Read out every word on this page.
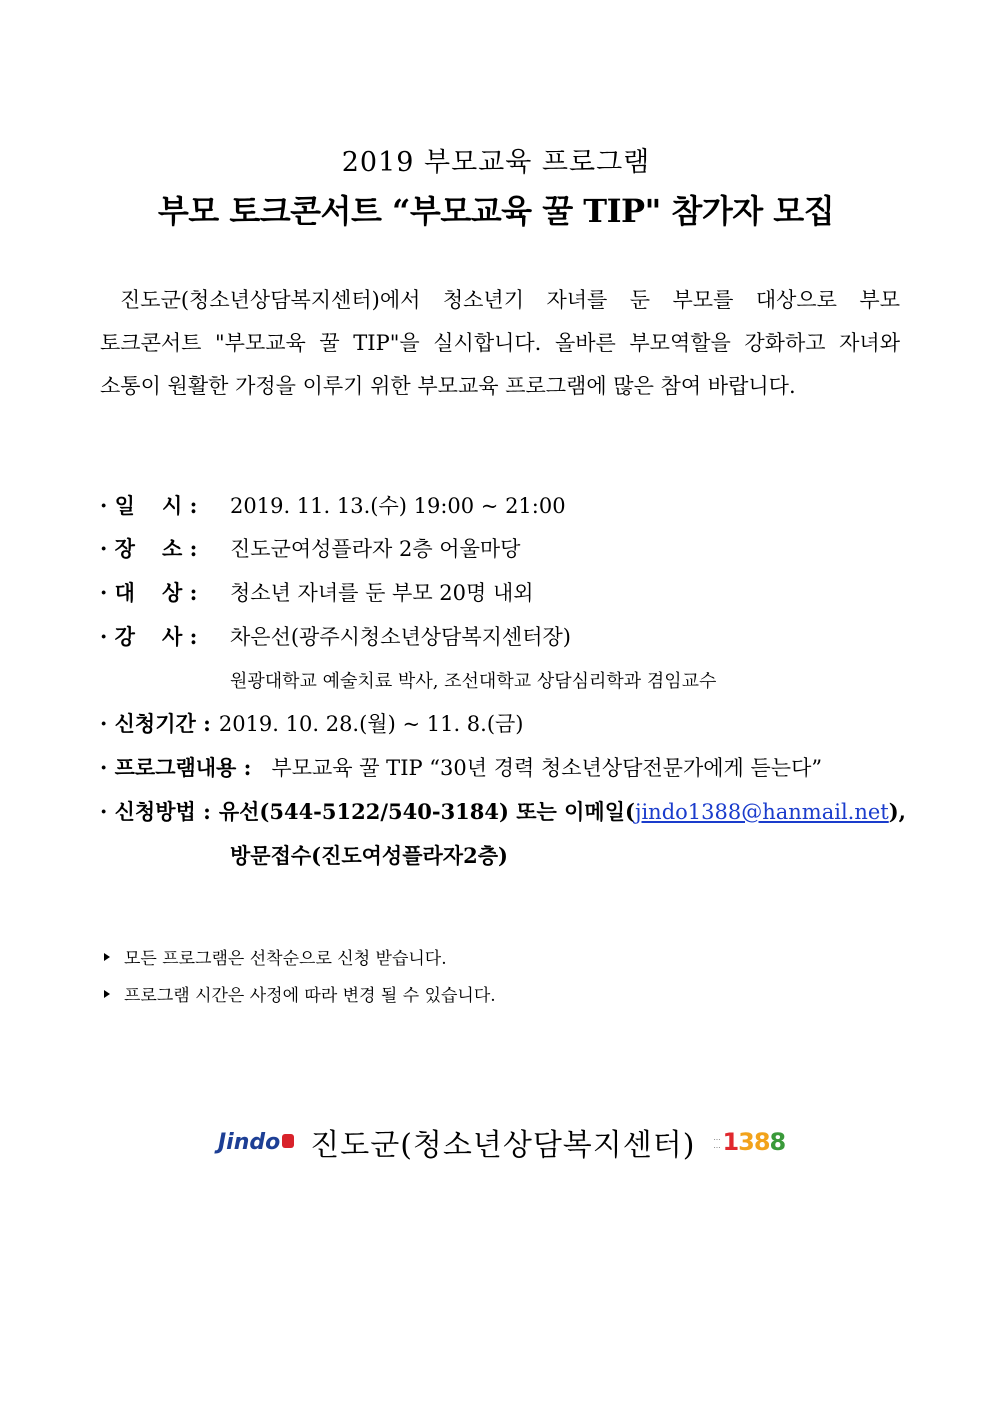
2019 부모교육 프로그램
부모 토크콘서트 “부모교육 꿀 TIP" 참가자 모집
진도군(청소년상담복지센터)에서 청소년기 자녀를 둔 부모를 대상으로 부모
토크콘서트 "부모교육 꿀 TIP"을 실시합니다. 올바른 부모역할을 강화하고 자녀와
소통이 원활한 가정을 이루기 위한 부모교육 프로그램에 많은 참여 바랍니다.
· 일 시 :	2019. 11. 13.(수) 19:00 ~ 21:00
· 장 소 :	진도군여성플라자 2층 어울마당
· 대 상 :	청소년 자녀를 둔 부모 20명 내외
· 강 사 :	차은선(광주시청소년상담복지센터장)
원광대학교 예술치료 박사, 조선대학교 상담심리학과 겸임교수
· 신청기간 : 2019. 10. 28.(월) ~ 11. 8.(금)
· 프로그램내용 : 부모교육 꿀 TIP “30년 경력 청소년상담전문가에게 듣는다”
· 신청방법 : 유선(544-5122/540-3184) 또는 이메일(jindo1388@hanmail.net),
방문접수(진도여성플라자2층)
모든 프로그램은 선착순으로 신청 받습니다.
프로그램 시간은 사정에 따라 변경 될 수 있습니다.
Jindo 진도군(청소년상담복지센터)	…
… 1388
